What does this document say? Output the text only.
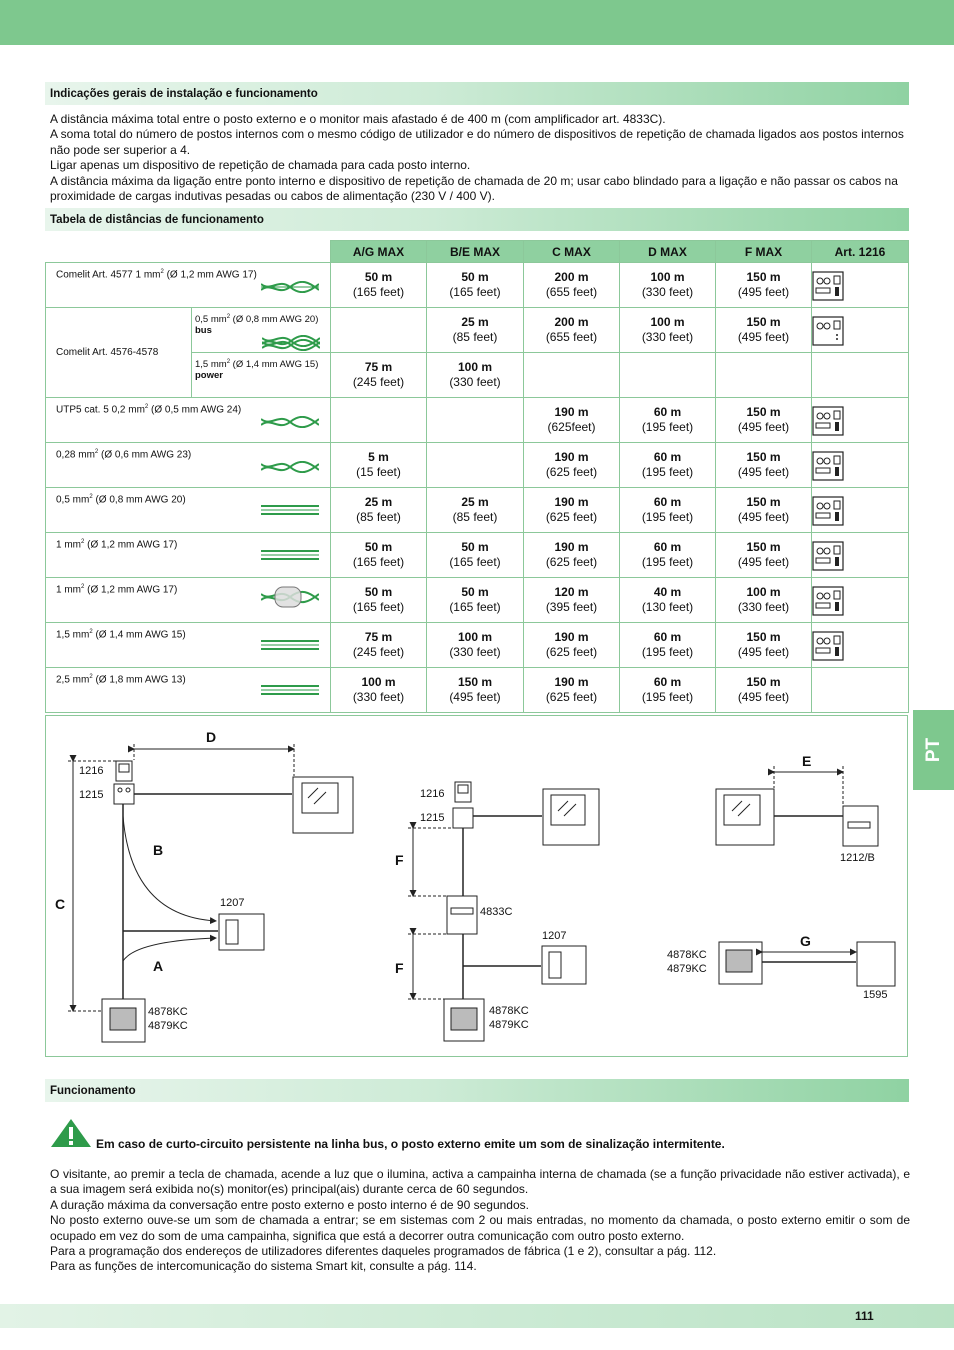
Indicações gerais de instalação e funcionamento

A distância máxima total entre o posto externo e o monitor mais afastado é de 400 m (com amplificador art. 4833C).

A soma total do número de postos internos com o mesmo código de utilizador e do número de dispositivos de repetição de chamada ligados aos postos internos não pode ser superior a 4.

Ligar apenas um dispositivo de repetição de chamada para cada posto interno.

A distância máxima da ligação entre ponto interno e dispositivo de repetição de chamada de 20 m; usar cabo blindado para a ligação e não passar os cabos na proximidade de cargas indutivas pesadas ou cabos de alimentação (230 V / 400 V).

Tabela de distâncias de funcionamento
		A/G MAX	B/E MAX	C MAX	D MAX	F MAX	Art. 1216

Comelit Art. 4577 1 $mm^2$ (Ø 1,2 mm AWG 17)		50 m
(165 feet)	50 m
(165 feet)	200 m
(655 feet)	100 m
(330 feet)	150 m
(495 feet)

Comelit Art. 4576-4578	0,5 $mm^2$ (Ø 0,8 mm AWG 20)
bus		25 m
(85 feet)	200 m
(655 feet)	100 m
(330 feet)	150 m
(495 feet)

	1,5 $mm^2$ (Ø 1,4 mm AWG 15)
power	75 m
(245 feet)	100 m
(330 feet)				

UTP5 cat. 5 0,2 $mm^2$ (Ø 0,5 mm AWG 24)				190 m
(625feet)	60 m
(195 feet)	150 m
(495 feet)

0,28 $mm^2$ (Ø 0,6 mm AWG 23)		5 m
(15 feet)		190 m
(625 feet)	60 m
(195 feet)	150 m
(495 feet)

0,5 $mm^2$ (Ø 0,8 mm AWG 20)		25 m
(85 feet)	25 m
(85 feet)	190 m
(625 feet)	60 m
(195 feet)	150 m
(495 feet)

1 $mm^2$ (Ø 1,2 mm AWG 17)		50 m
(165 feet)	50 m
(165 feet)	190 m
(625 feet)	60 m
(195 feet)	150 m
(495 feet)

1 $mm^2$ (Ø 1,2 mm AWG 17)		50 m
(165 feet)	50 m
(165 feet)	120 m
(395 feet)	40 m
(130 feet)	100 m
(330 feet)

1,5 $mm^2$ (Ø 1,4 mm AWG 15)		75 m
(245 feet)	100 m
(330 feet)	190 m
(625 feet)	60 m
(195 feet)	150 m
(495 feet)

2,5 $mm^2$ (Ø 1,8 mm AWG 13)		100 m
(330 feet)	150 m
(495 feet)	190 m
(625 feet)	60 m
(195 feet)	150 m
(495 feet)	

D
B
C
A
F
F
E
G
1216
1215
1207
4878KC
4879KC
1216
1215
4833C
1207
4878KC
4879KC
1212/B
4878KC
4879KC
1595
PT
Funcionamento
Em caso de curto-circuito persistente na linha bus, o posto externo emite um som de sinalização intermitente.

O visitante, ao premir a tecla de chamada, acende a luz que o ilumina, activa a campainha interna de chamada (se a função privacidade não estiver activada), e a sua imagem será exibida no(s) monitor(es) principal(ais) durante cerca de 60 segundos.

A duração máxima da conversação entre posto externo e posto interno é de 90 segundos.

No posto externo ouve-se um som de chamada a entrar; se em sistemas com 2 ou mais entradas, no momento da chamada, o posto externo emitir o som de ocupado em vez do som de uma campainha, significa que está a decorrer outra comunicação com outro posto externo.

Para a programação dos endereços de utilizadores diferentes daqueles programados de fábrica (1 e 2), consultar a pág. 112.

Para as funções de intercomunicação do sistema Smart kit, consulte a pág. 114.

111
